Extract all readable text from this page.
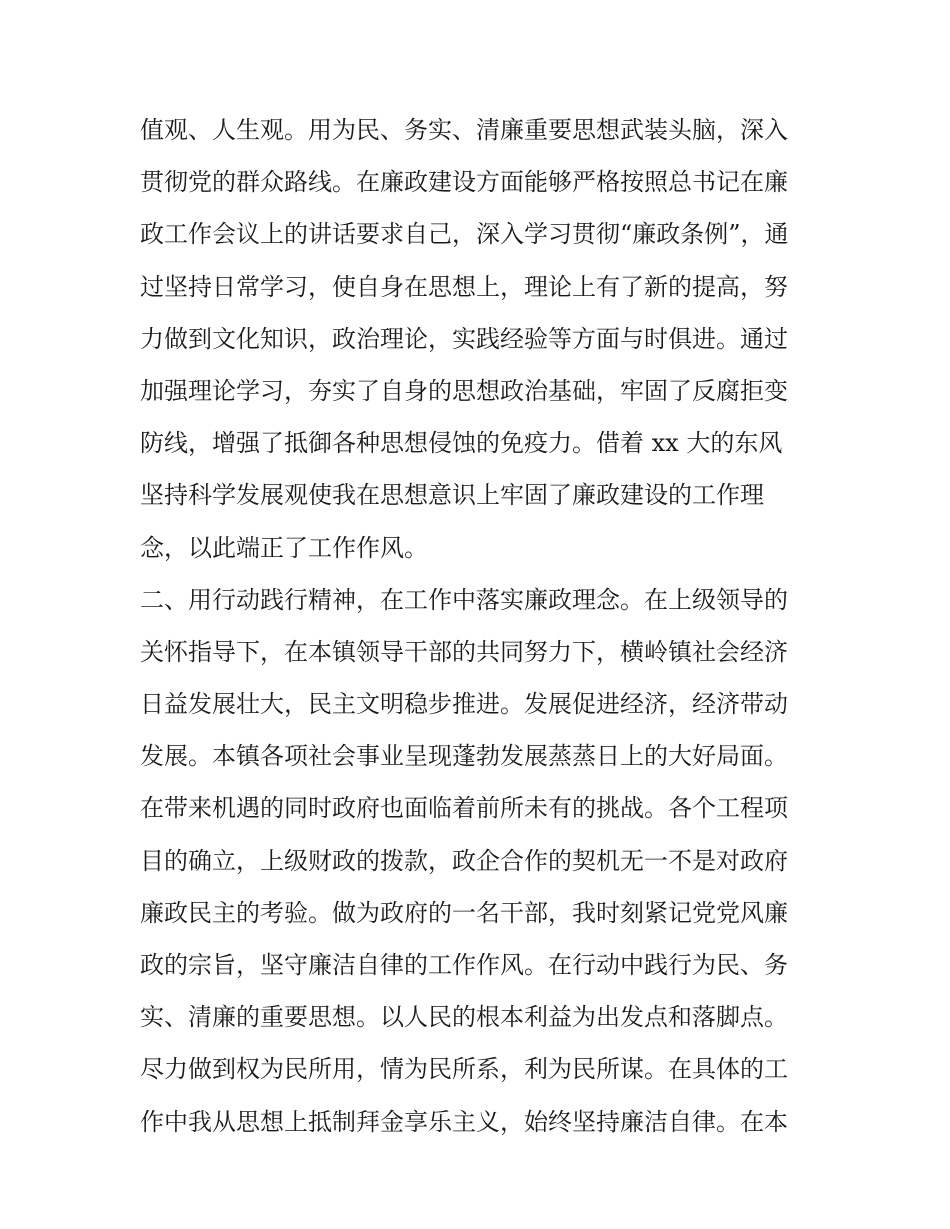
值观、人生观。用为民、务实、清廉重要思想武装头脑，深入
贯彻党的群众路线。在廉政建设方面能够严格按照总书记在廉
政工作会议上的讲话要求自己，深入学习贯彻“廉政条例”，通
过坚持日常学习，使自身在思想上，理论上有了新的提高，努
力做到文化知识，政治理论，实践经验等方面与时俱进。通过
加强理论学习，夯实了自身的思想政治基础，牢固了反腐拒变
防线，增强了抵御各种思想侵蚀的免疫力。借着 xx 大的东风
坚持科学发展观使我在思想意识上牢固了廉政建设的工作理
念，以此端正了工作作风。
二、用行动践行精神，在工作中落实廉政理念。在上级领导的
关怀指导下，在本镇领导干部的共同努力下，横岭镇社会经济
日益发展壮大，民主文明稳步推进。发展促进经济，经济带动
发展。本镇各项社会事业呈现蓬勃发展蒸蒸日上的大好局面。
在带来机遇的同时政府也面临着前所未有的挑战。各个工程项
目的确立，上级财政的拨款，政企合作的契机无一不是对政府
廉政民主的考验。做为政府的一名干部，我时刻紧记党党风廉
政的宗旨，坚守廉洁自律的工作作风。在行动中践行为民、务
实、清廉的重要思想。以人民的根本利益为出发点和落脚点。
尽力做到权为民所用，情为民所系，利为民所谋。在具体的工
作中我从思想上抵制拜金享乐主义，始终坚持廉洁自律。在本
